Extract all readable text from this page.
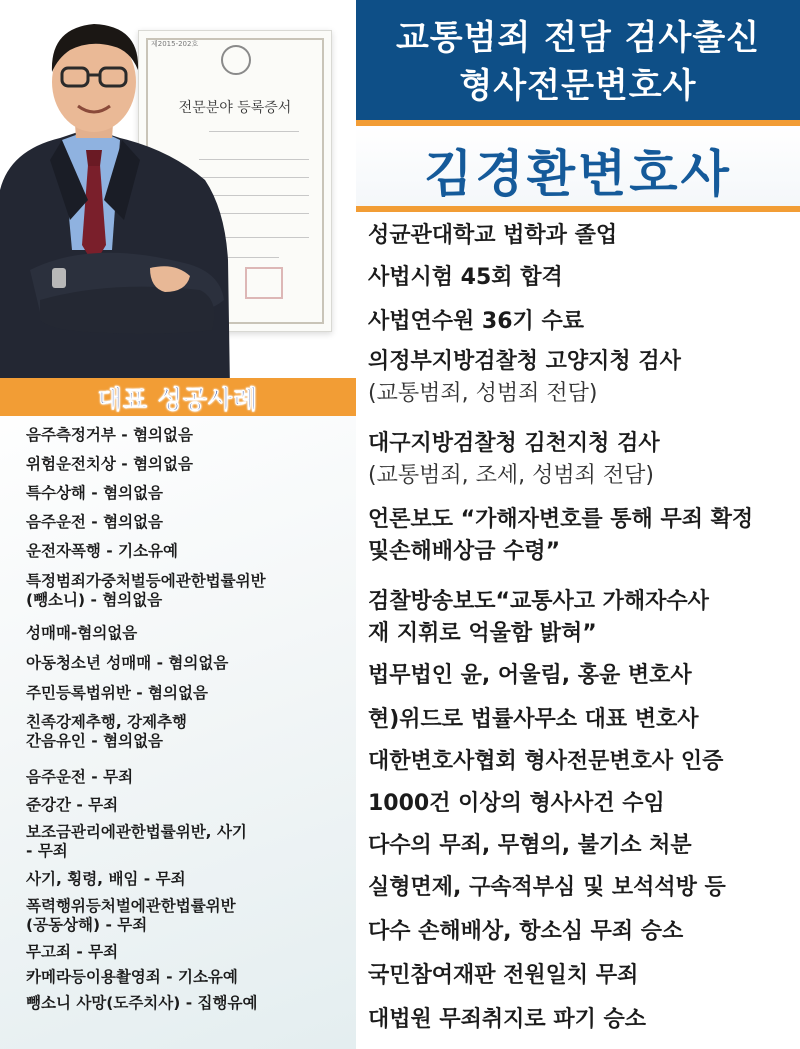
제2015-202호
전문분야 등록증서
대표 성공사례
음주측정거부 - 혐의없음
위험운전치상 - 혐의없음
특수상해 - 혐의없음
음주운전 - 혐의없음
운전자폭행 - 기소유예
특정범죄가중처벌등에관한법률위반
(뺑소니) - 혐의없음
성매매-혐의없음
아동청소년 성매매 - 혐의없음
주민등록법위반 - 혐의없음
친족강제추행, 강제추행
간음유인 - 혐의없음
음주운전 - 무죄
준강간 - 무죄
보조금관리에관한법률위반, 사기
- 무죄
사기, 횡령, 배임 - 무죄
폭력행위등처벌에관한법률위반
(공동상해) - 무죄
무고죄 - 무죄
카메라등이용촬영죄 - 기소유예
뺑소니 사망(도주치사) - 집행유예
교통범죄 전담 검사출신
형사전문변호사
김경환변호사
성균관대학교 법학과 졸업
사법시험 45회 합격
사법연수원 36기 수료
의정부지방검찰청 고양지청 검사
(교통범죄, 성범죄 전담)
대구지방검찰청 김천지청 검사
(교통범죄, 조세, 성범죄 전담)
언론보도 “가해자변호를 통해 무죄 확정
및손해배상금 수령”
검찰방송보도“교통사고 가해자수사
재 지휘로 억울함 밝혀”
법무법인 윤, 어울림, 홍윤 변호사
현)위드로 법률사무소 대표 변호사
대한변호사협회 형사전문변호사 인증
1000건 이상의 형사사건 수임
다수의 무죄, 무혐의, 불기소 처분
실형면제, 구속적부심 및 보석석방 등
다수 손해배상, 항소심 무죄 승소
국민참여재판 전원일치 무죄
대법원 무죄취지로 파기 승소
